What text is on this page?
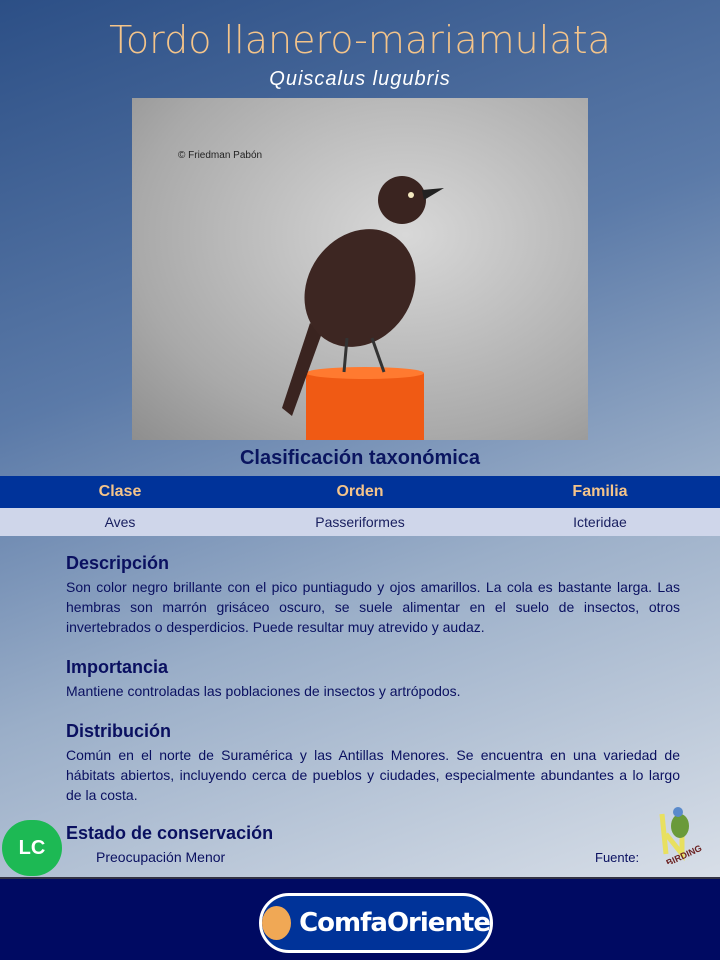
Tordo llanero-mariamulata
Quiscalus lugubris
© Friedman Pabón
Clasificación taxonómica
Clase	Orden	Familia
Aves	Passeriformes	Icteridae
Descripción

Son color negro brillante con el pico puntiagudo y ojos amarillos. La cola es bastante larga. Las hembras son marrón grisáceo oscuro, se suele alimentar en el suelo de insectos, otros invertebrados o desperdicios. Puede resultar muy atrevido y audaz.

Importancia

Mantiene controladas las poblaciones de insectos y artrópodos.

Distribución

Común en el norte de Suramérica y las Antillas Menores. Se encuentra en una variedad de hábitats abiertos, incluyendo cerca de pueblos y ciudades, especialmente abundantes a lo largo de la costa.

LC
Estado de conservación

Preocupación Menor	Fuente:	BIRDING
ComfaOriente
